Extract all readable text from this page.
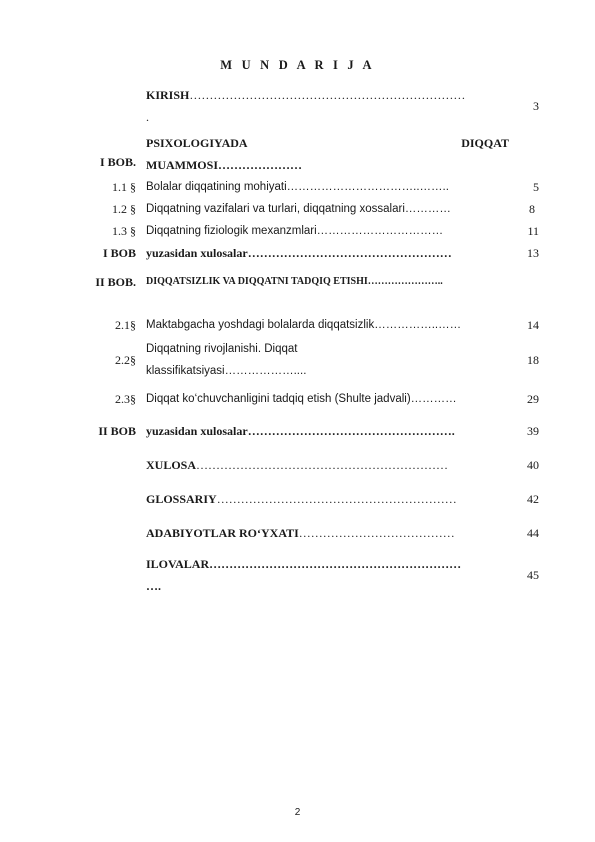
M U N D A R I J A
	KIRISH……………………………………………………………
.	3
I BOB.	PSIXOLOGIYADA DIQQAT
MUAMMOSI…………………	
1.1 §	Bolalar diqqatining mohiyati……………………………..……..	5
1.2 §	Diqqatning vazifalari va turlari, diqqatning xossalari…………	8
1.3 §	Diqqatning fiziologik mexanzmlari……………………………	11
I BOB	yuzasidan xulosalar……………………………………………	13
II BOB.	DIQQATSIZLIK VA DIQQATNI TADQIQ ETISHI…………………..	

2.1§	Maktabgacha yoshdagi bolalarda diqqatsizlik……………..……	14
2.2§	Diqqatning rivojlanishi. Diqqat
klassifikatsiyasi………………....	18
2.3§	Diqqat ko‘chuvchanligini tadqiq etish (Shulte jadvali)…………	29
II BOB	yuzasidan xulosalar…………………………………………….	39
	XULOSA………………………………………………………	40
	GLOSSARIY……………………………………………………	42
	ADABIYOTLAR RO‘YXATI…………………………………	44
	ILOVALAR………………………………………………………
….	45
2
